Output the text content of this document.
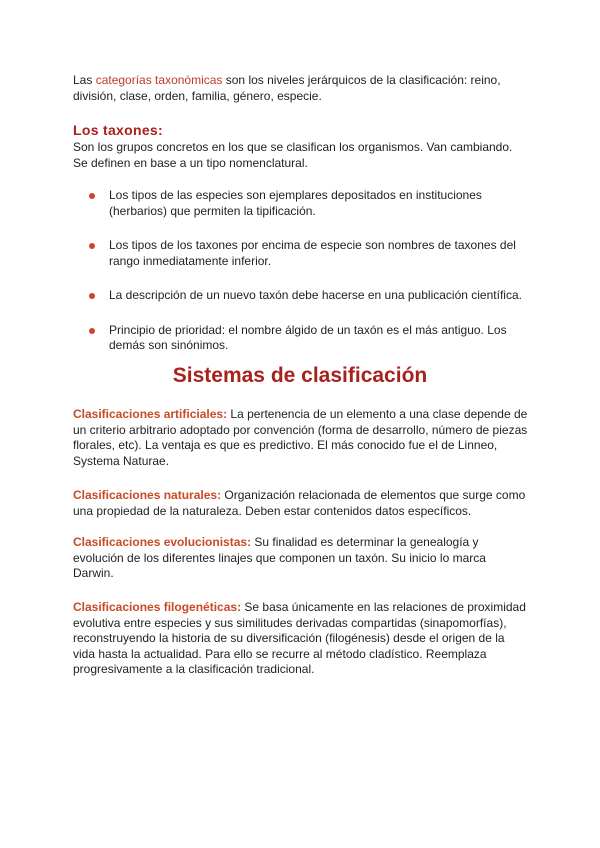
Las categorías taxonómicas son los niveles jerárquicos de la clasificación: reino, división, clase, orden, familia, género, especie.

Los taxones:

Son los grupos concretos en los que se clasifican los organismos. Van cambiando. Se definen en base a un tipo nomenclatural.

Los tipos de las especies son ejemplares depositados en instituciones (herbarios) que permiten la tipificación.
Los tipos de los taxones por encima de especie son nombres de taxones del rango inmediatamente inferior.
La descripción de un nuevo taxón debe hacerse en una publicación científica.
Principio de prioridad: el nombre álgido de un taxón es el más antiguo. Los demás son sinónimos.
Sistemas de clasificación

Clasificaciones artificiales: La pertenencia de un elemento a una clase depende de un criterio arbitrario adoptado por convención (forma de desarrollo, número de piezas florales, etc). La ventaja es que es predictivo. El más conocido fue el de Linneo, Systema Naturae.

Clasificaciones naturales: Organización relacionada de elementos que surge como una propiedad de la naturaleza. Deben estar contenidos datos específicos.

Clasificaciones evolucionistas: Su finalidad es determinar la genealogía y evolución de los diferentes linajes que componen un taxón. Su inicio lo marca Darwin.

Clasificaciones filogenéticas: Se basa únicamente en las relaciones de proximidad evolutiva entre especies y sus similitudes derivadas compartidas (sinapomorfías), reconstruyendo la historia de su diversificación (filogénesis) desde el origen de la vida hasta la actualidad. Para ello se recurre al método cladístico. Reemplaza progresivamente a la clasificación tradicional.
